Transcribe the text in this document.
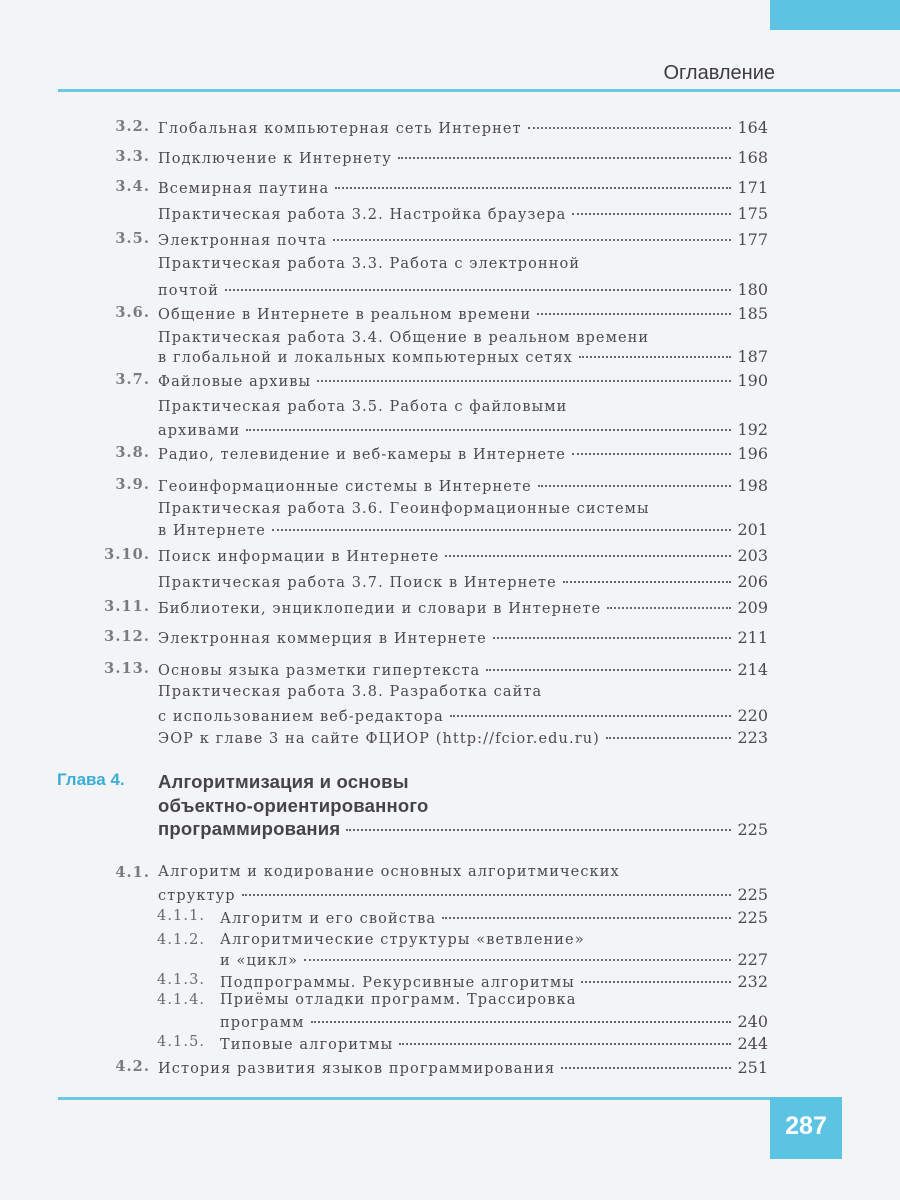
Оглавление
3.2. Глобальная компьютерная сеть Интернет	164
3.3. Подключение к Интернету	168
3.4. Всемирная паутина	171
Практическая работа 3.2. Настройка браузера	175
3.5. Электронная почта	177
Практическая работа 3.3. Работа с электронной
почтой	180
3.6. Общение в Интернете в реальном времени	185
Практическая работа 3.4. Общение в реальном времени
в глобальной и локальных компьютерных сетях	187
3.7. Файловые архивы	190
Практическая работа 3.5. Работа с файловыми
архивами	192
3.8. Радио, телевидение и веб-камеры в Интернете	196
3.9. Геоинформационные системы в Интернете	198
Практическая работа 3.6. Геоинформационные системы
в Интернете	201
3.10. Поиск информации в Интернете	203
Практическая работа 3.7. Поиск в Интернете	206
3.11. Библиотеки, энциклопедии и словари в Интернете	209
3.12. Электронная коммерция в Интернете	211
3.13. Основы языка разметки гипертекста	214
Практическая работа 3.8. Разработка сайта
с использованием веб-редактора	220
ЭОР к главе 3 на сайте ФЦИОР (http://fcior.edu.ru)	223
Глава 4. Алгоритмизация и основы
объектно-ориентированного
программирования	225
4.1. Алгоритм и кодирование основных алгоритмических
структур	225
4.1.1. Алгоритм и его свойства	225
4.1.2. Алгоритмические структуры «ветвление»
и «цикл»	227
4.1.3. Подпрограммы. Рекурсивные алгоритмы	232
4.1.4. Приёмы отладки программ. Трассировка
программ	240
4.1.5. Типовые алгоритмы	244
4.2. История развития языков программирования	251
287
